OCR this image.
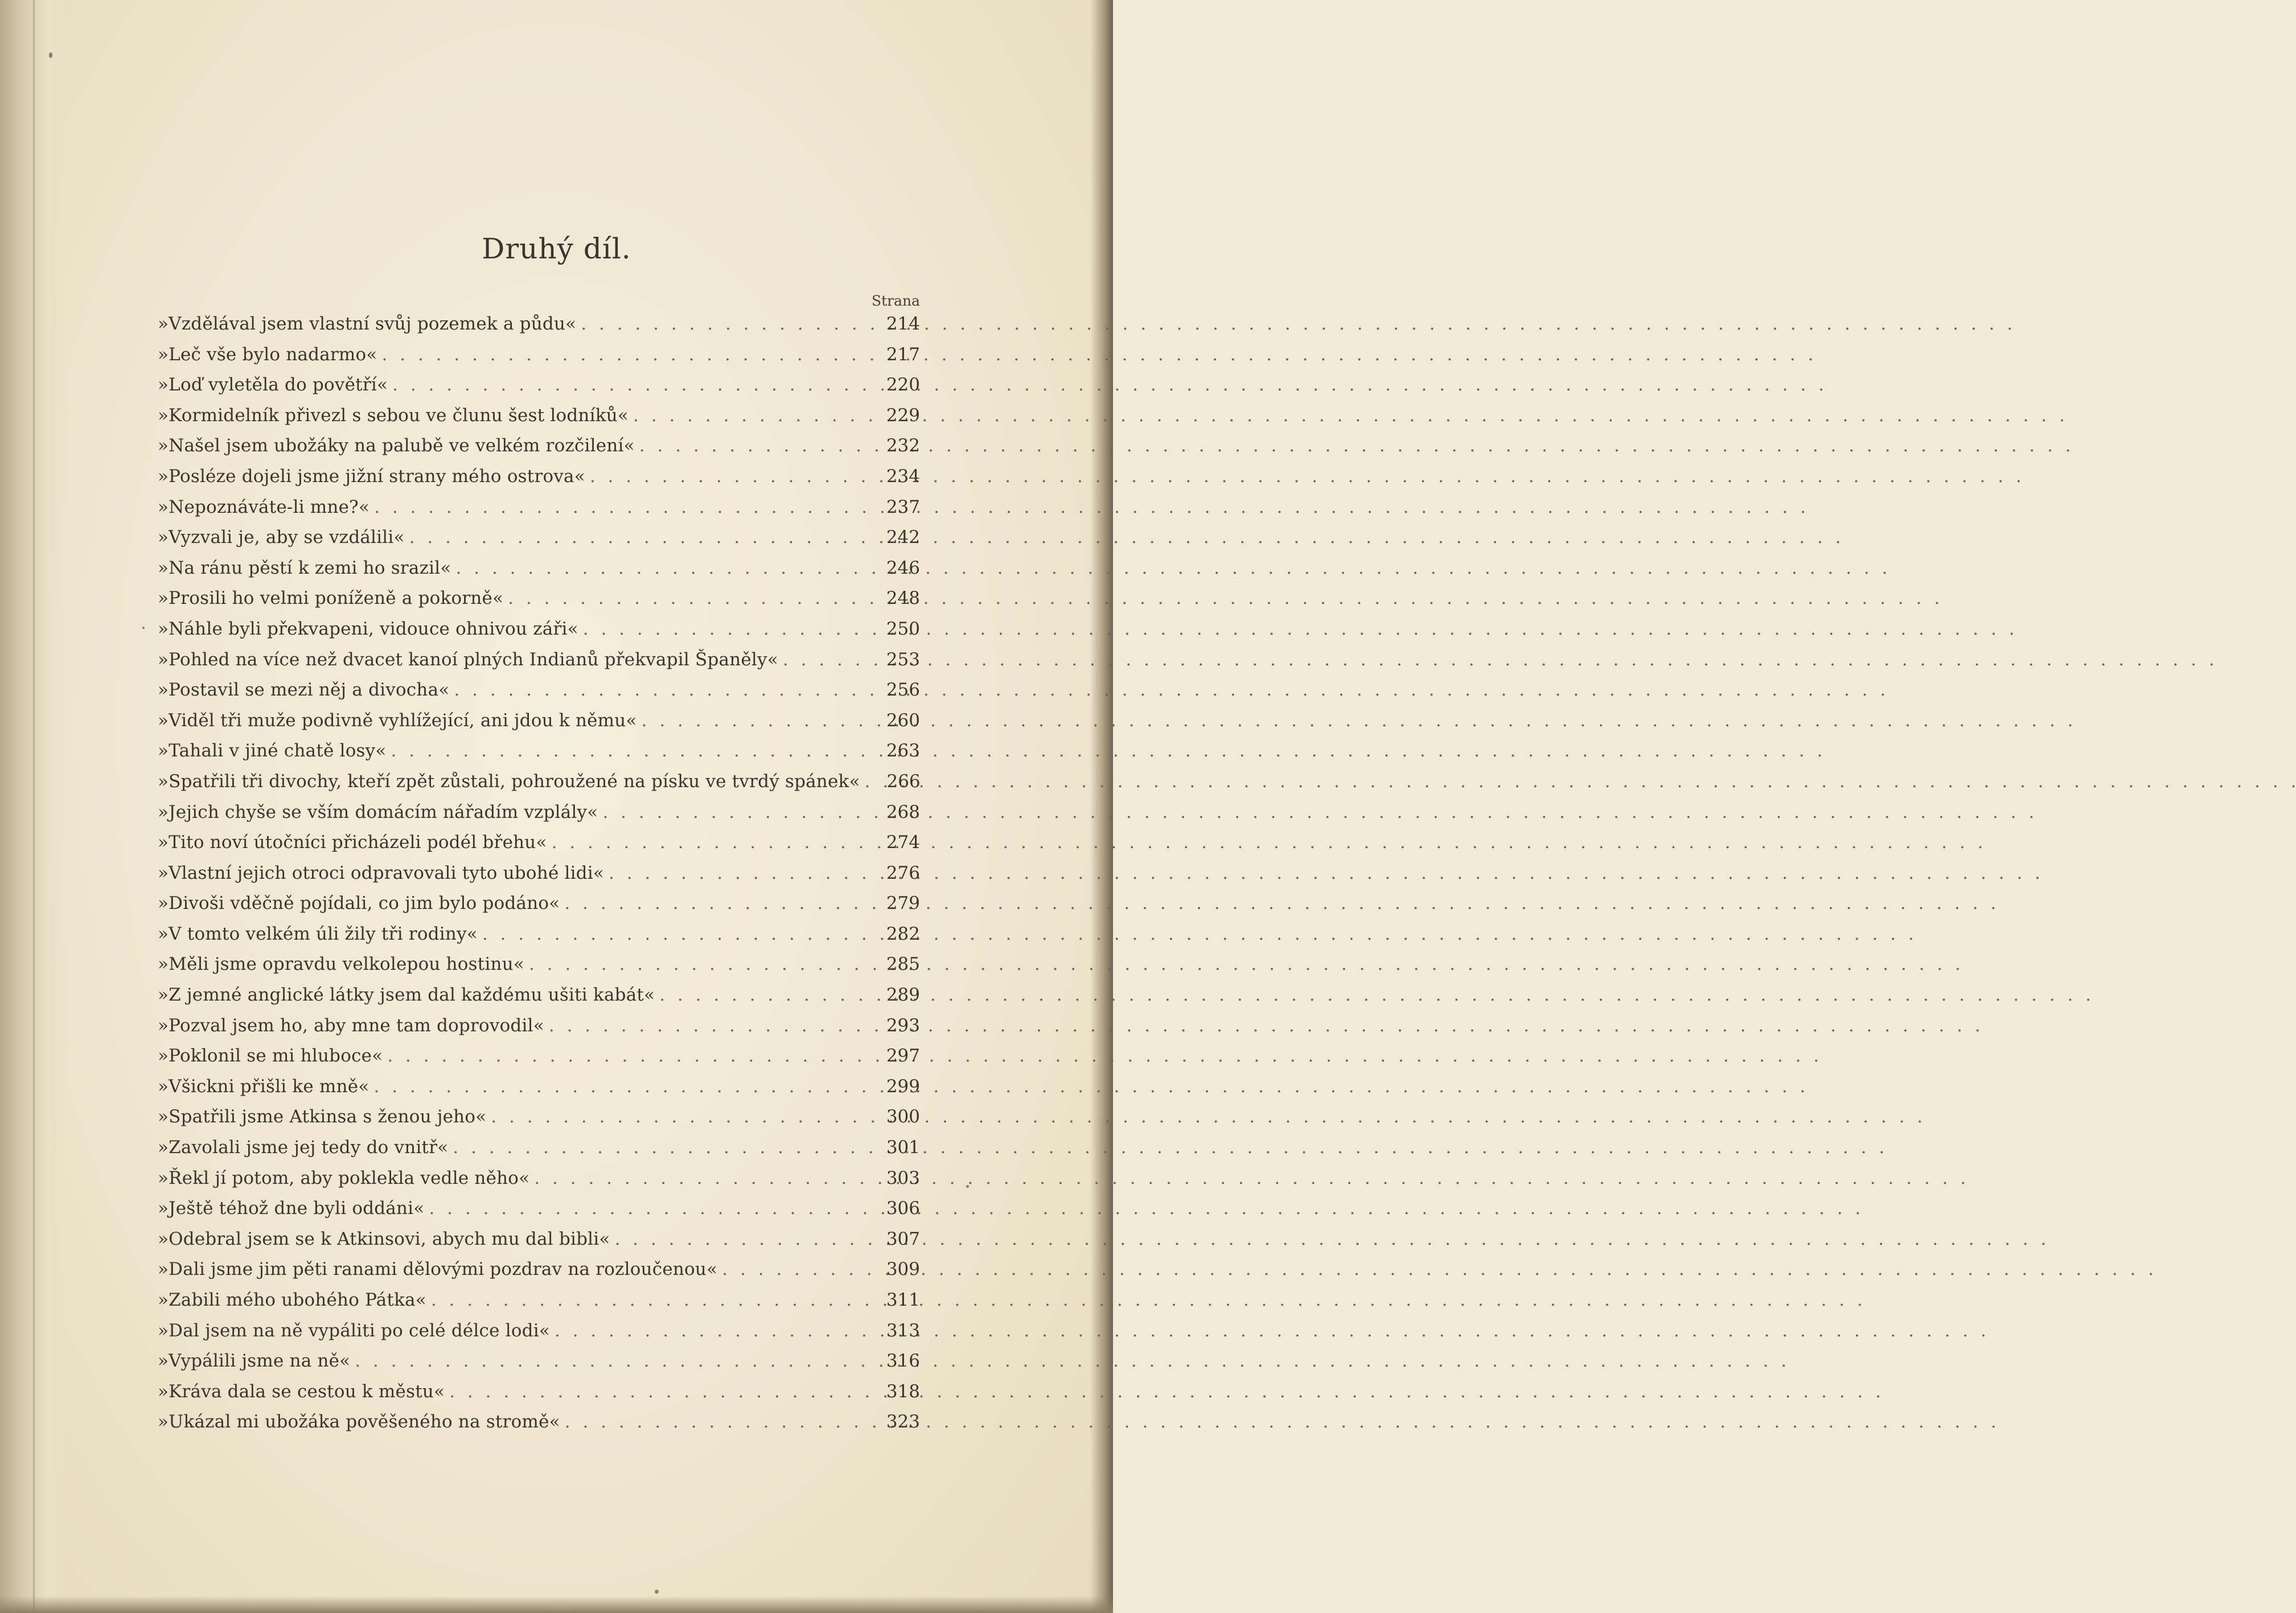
Druhý díl.
Strana
»Vzdělával jsem vlastní svůj pozemek a půdu« . . .	214
»Leč vše bylo nadarmo« . . .	217
»Loď vyletěla do povětří« . . .	220
»Kormidelník přivezl s sebou ve člunu šest lodníků« . . .	229
»Našel jsem ubožáky na palubě ve velkém rozčilení« . . .	232
»Posléze dojeli jsme jižní strany mého ostrova« . . .	234
»Nepoznáváte-li mne?« . . .	237
»Vyzvali je, aby se vzdálili« . . .	242
»Na ránu pěstí k zemi ho srazil« . . .	246
»Prosili ho velmi poníženě a pokorně« . . .	248
»Náhle byli překvapeni, vidouce ohnivou záři« . . .	250
»Pohled na více než dvacet kanoí plných Indianů překvapil Španěly« . . .	253
»Postavil se mezi něj a divocha« . . .	256
»Viděl tři muže podivně vyhlížející, ani jdou k němu« . . .	260
»Tahali v jiné chatě losy« . . .	263
»Spatřili tři divochy, kteří zpět zůstali, pohroužené na písku ve tvrdý spánek« . . . 266
»Jejich chyše se vším domácím nářadím vzplály« . . .	268
»Tito noví útočníci přicházeli podél břehu« . . .	274
»Vlastní jejich otroci odpravovali tyto ubohé lidi« . . .	276
»Divoši vděčně pojídali, co jim bylo podáno« . . .	279
»V tomto velkém úli žily tři rodiny« . . .	282
»Měli jsme opravdu velkolepou hostinu« . . .	285
»Z jemné anglické látky jsem dal každému ušiti kabát« . . .	289
»Pozval jsem ho, aby mne tam doprovodil« . . .	293
»Poklonil se mi hluboce« . . .	297
»Všickni přišli ke mně« . . .	299
»Spatřili jsme Atkinsa s ženou jeho« . . .	300
»Zavolali jsme jej tedy do vnitř« . . .	301
»Řekl jí potom, aby poklekla vedle něho« . . .	303
»Ještě téhož dne byli oddáni« . . .	306
»Odebral jsem se k Atkinsovi, abych mu dal bibli« . . .	307
»Dali jsme jim pěti ranami dělovými pozdrav na rozloučenou« . . .	309
»Zabili mého ubohého Pátka« . . .	311
»Dal jsem na ně vypáliti po celé délce lodi« . . .	313
»Vypálili jsme na ně« . . .	316
»Kráva dala se cestou k městu« . . .	318
»Ukázal mi ubožáka pověšeného na stromě« . . .	323
